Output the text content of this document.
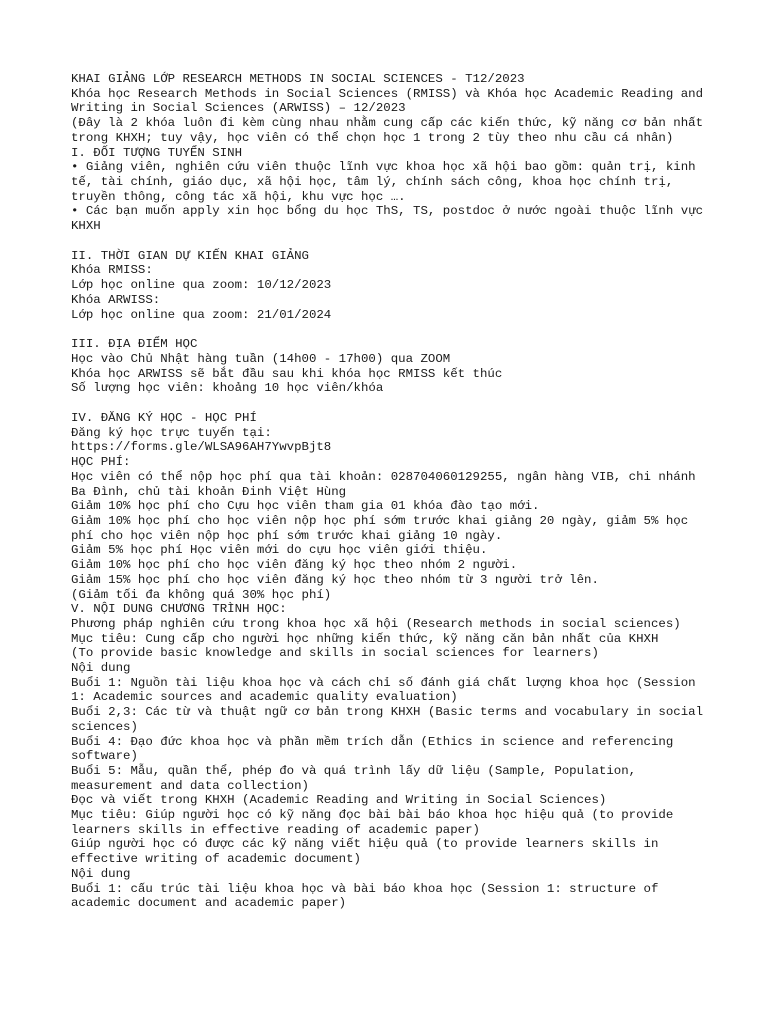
KHAI GIẢNG LỚP RESEARCH METHODS IN SOCIAL SCIENCES - T12/2023

Khóa học Research Methods in Social Sciences (RMISS) và Khóa học Academic Reading and Writing in Social Sciences (ARWISS) – 12/2023

(Đây là 2 khóa luôn đi kèm cùng nhau nhằm cung cấp các kiến thức, kỹ năng cơ bản nhất trong KHXH; tuy vậy, học viên có thể chọn học 1 trong 2 tùy theo nhu cầu cá nhân)

I. ĐỐI TƯỢNG TUYỂN SINH

• Giảng viên, nghiên cứu viên thuộc lĩnh vực khoa học xã hội bao gồm: quản trị, kinh tế, tài chính, giáo dục, xã hội học, tâm lý, chính sách công, khoa học chính trị, truyền thông, công tác xã hội, khu vực học ….

• Các bạn muốn apply xin học bổng du học ThS, TS, postdoc ở nước ngoài thuộc lĩnh vực KHXH

II. THỜI GIAN DỰ KIẾN KHAI GIẢNG

Khóa RMISS:

Lớp học online qua zoom: 10/12/2023

Khóa ARWISS:

Lớp học online qua zoom: 21/01/2024

III. ĐỊA ĐIỂM HỌC

Học vào Chủ Nhật hàng tuần (14h00 - 17h00) qua ZOOM

Khóa học ARWISS sẽ bắt đầu sau khi khóa học RMISS kết thúc

Số lượng học viên: khoảng 10 học viên/khóa

IV. ĐĂNG KÝ HỌC - HỌC PHÍ

Đăng ký học trực tuyến tại:

https://forms.gle/WLSA96AH7YwvpBjt8

HỌC PHÍ:

Học viên có thể nộp học phí qua tài khoản: 028704060129255, ngân hàng VIB, chi nhánh Ba Đình, chủ tài khoản Đinh Việt Hùng

Giảm 10% học phí cho Cựu học viên tham gia 01 khóa đào tạo mới.

Giảm 10% học phí cho học viên nộp học phí sớm trước khai giảng 20 ngày, giảm 5% học phí cho học viên nộp học phí sớm trước khai giảng 10 ngày.

Giảm 5% học phí Học viên mới do cựu học viên giới thiệu.

Giảm 10% học phí cho học viên đăng ký học theo nhóm 2 người.

Giảm 15% học phí cho học viên đăng ký học theo nhóm từ 3 người trở lên.

(Giảm tối đa không quá 30% học phí)

V. NỘI DUNG CHƯƠNG TRÌNH HỌC:

Phương pháp nghiên cứu trong khoa học xã hội (Research methods in social sciences)

Mục tiêu: Cung cấp cho người học những kiến thức, kỹ năng căn bản nhất của KHXH

(To provide basic knowledge and skills in social sciences for learners)

Nội dung

Buổi 1: Nguồn tài liệu khoa học và cách chỉ số đánh giá chất lượng khoa học (Session 1: Academic sources and academic quality evaluation)

Buổi 2,3: Các từ và thuật ngữ cơ bản trong KHXH (Basic terms and vocabulary in social sciences)

Buổi 4: Đạo đức khoa học và phần mềm trích dẫn (Ethics in science and referencing software)

Buổi 5: Mẫu, quần thể, phép đo và quá trình lấy dữ liệu (Sample, Population, measurement and data collection)

Đọc và viết trong KHXH (Academic Reading and Writing in Social Sciences)

Mục tiêu: Giúp người học có kỹ năng đọc bài bài báo khoa học hiệu quả (to provide learners skills in effective reading of academic paper)

Giúp người học có được các kỹ năng viết hiệu quả (to provide learners skills in effective writing of academic document)

Nội dung

Buổi 1: cấu trúc tài liệu khoa học và bài báo khoa học (Session 1: structure of academic document and academic paper)
